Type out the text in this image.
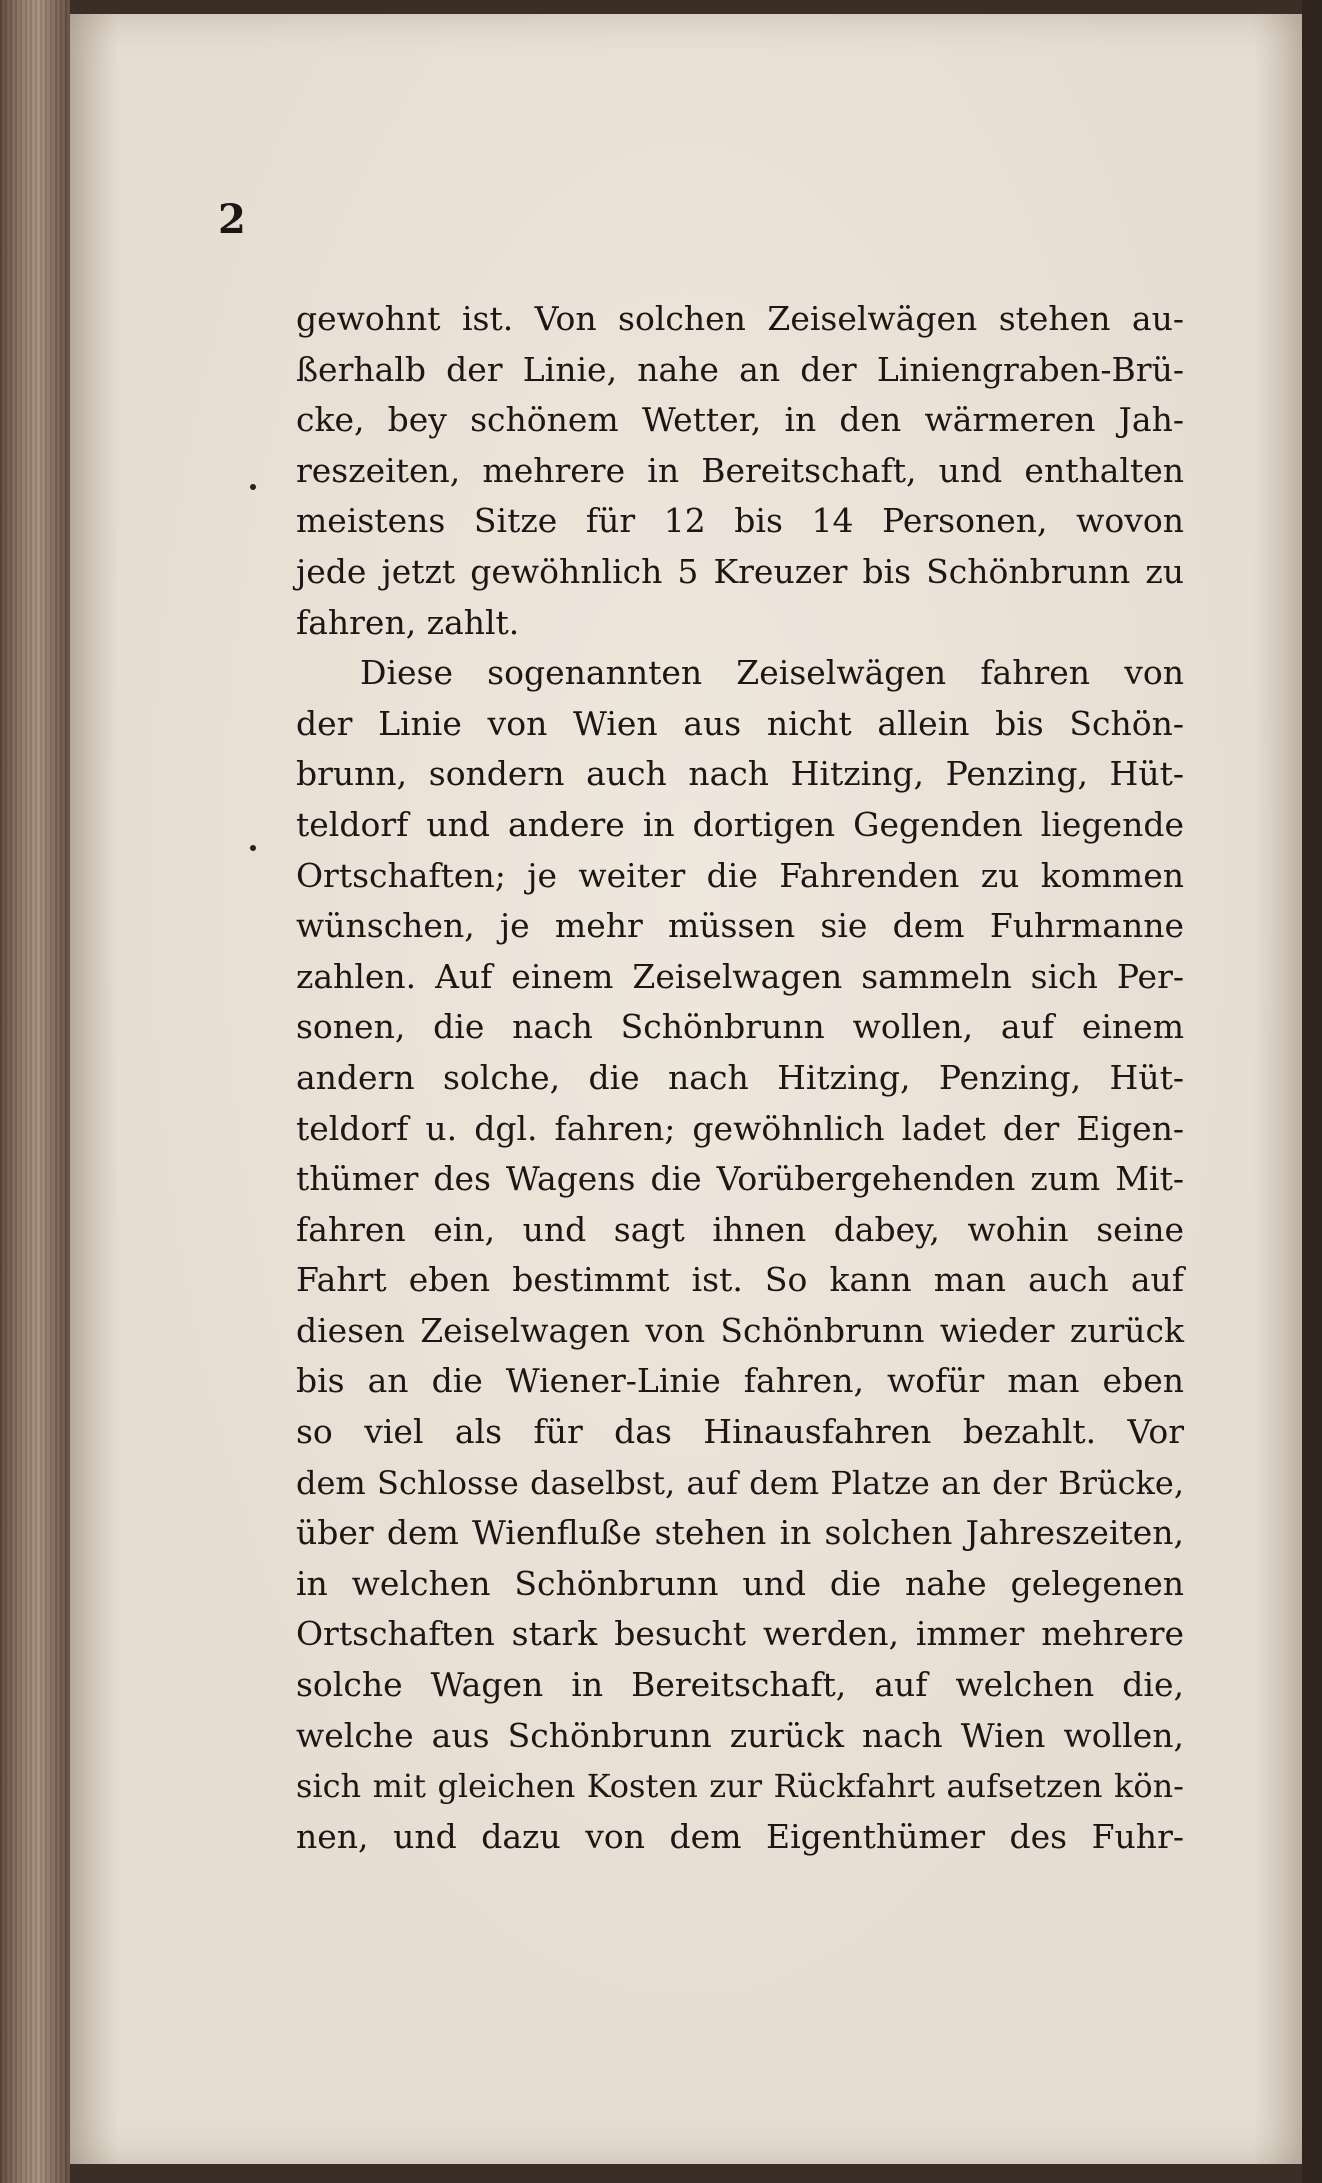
2
gewohnt ist. Von solchen Zeiselwägen stehen au-
ßerhalb der Linie, nahe an der Liniengraben-Brü-
cke, bey schönem Wetter, in den wärmeren Jah-
reszeiten, mehrere in Bereitschaft, und enthalten
meistens Sitze für 12 bis 14 Personen, wovon
jede jetzt gewöhnlich 5 Kreuzer bis Schönbrunn zu
fahren, zahlt.
Diese sogenannten Zeiselwägen fahren von
der Linie von Wien aus nicht allein bis Schön-
brunn, sondern auch nach Hitzing, Penzing, Hüt-
teldorf und andere in dortigen Gegenden liegende
Ortschaften; je weiter die Fahrenden zu kommen
wünschen, je mehr müssen sie dem Fuhrmanne
zahlen. Auf einem Zeiselwagen sammeln sich Per-
sonen, die nach Schönbrunn wollen, auf einem
andern solche, die nach Hitzing, Penzing, Hüt-
teldorf u. dgl. fahren; gewöhnlich ladet der Eigen-
thümer des Wagens die Vorübergehenden zum Mit-
fahren ein, und sagt ihnen dabey, wohin seine
Fahrt eben bestimmt ist. So kann man auch auf
diesen Zeiselwagen von Schönbrunn wieder zurück
bis an die Wiener-Linie fahren, wofür man eben
so viel als für das Hinausfahren bezahlt. Vor
dem Schlosse daselbst, auf dem Platze an der Brücke,
über dem Wienfluße stehen in solchen Jahreszeiten,
in welchen Schönbrunn und die nahe gelegenen
Ortschaften stark besucht werden, immer mehrere
solche Wagen in Bereitschaft, auf welchen die,
welche aus Schönbrunn zurück nach Wien wollen,
sich mit gleichen Kosten zur Rückfahrt aufsetzen kön-
nen, und dazu von dem Eigenthümer des Fuhr-
